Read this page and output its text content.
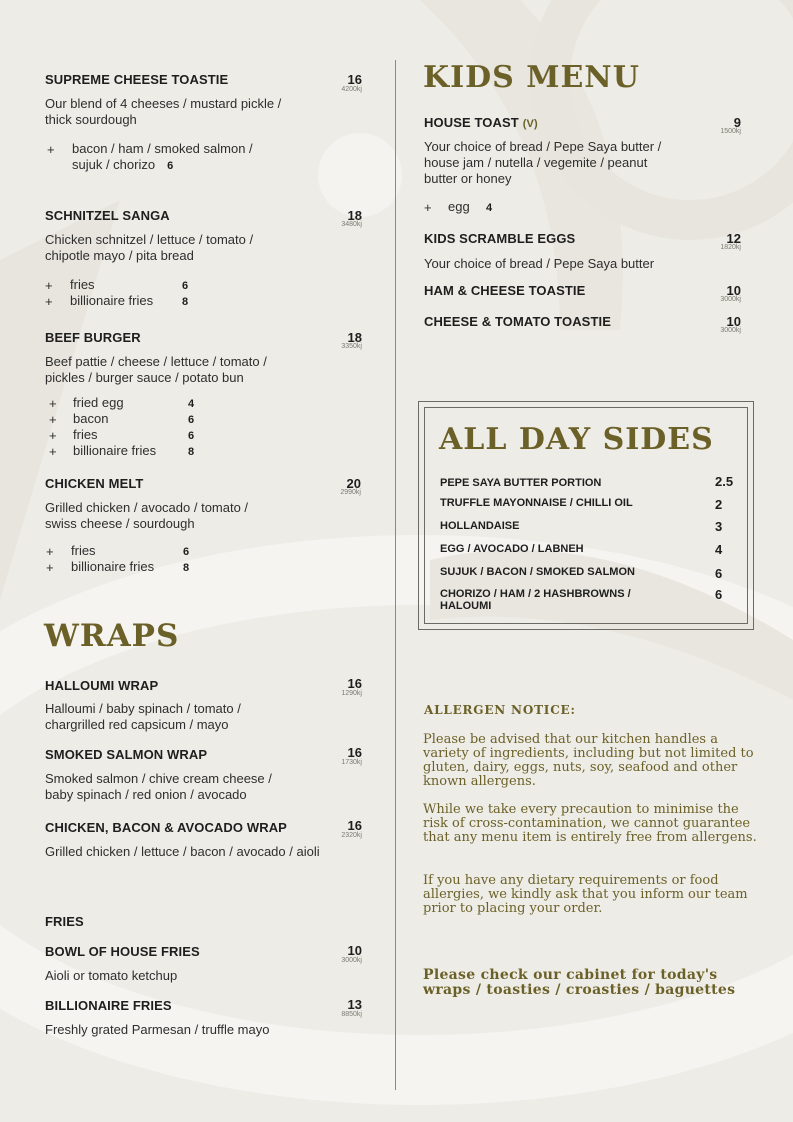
SUPREME CHEESE TOASTIE	16
4200kj
Our blend of 4 cheeses / mustard pickle /
thick sourdough
+ bacon / ham / smoked salmon /
sujuk / chorizo 6
SCHNITZEL SANGA	18
3480kj
Chicken schnitzel / lettuce / tomato /
chipotle mayo / pita bread
+ fries	6
+ billionaire fries	8
BEEF BURGER	18
3350kj
Beef pattie / cheese / lettuce / tomato /
pickles / burger sauce / potato bun
+ fried egg	4
+ bacon	6
+ fries	6
+ billionaire fries	8
CHICKEN MELT	20
2990kj
Grilled chicken / avocado / tomato /
swiss cheese / sourdough
+ fries	6
+ billionaire fries	8
WRAPS
HALLOUMI WRAP	16
1290kj
Halloumi / baby spinach / tomato /
chargrilled red capsicum / mayo
SMOKED SALMON WRAP	16
1730kj
Smoked salmon / chive cream cheese /
baby spinach / red onion / avocado
CHICKEN, BACON & AVOCADO WRAP	16
2320kj
Grilled chicken / lettuce / bacon / avocado / aioli
FRIES
BOWL OF HOUSE FRIES	10
3000kj
Aioli or tomato ketchup
BILLIONAIRE FRIES	13
8850kj
Freshly grated Parmesan / truffle mayo
KIDS MENU
HOUSE TOAST (V)	9
1500kj
Your choice of bread / Pepe Saya butter /
house jam / nutella / vegemite / peanut
butter or honey
+ egg 4
KIDS SCRAMBLE EGGS	12
1820kj
Your choice of bread / Pepe Saya butter
HAM & CHEESE TOASTIE	10
3000kj
CHEESE & TOMATO TOASTIE	10
3000kj
ALL DAY SIDES
PEPE SAYA BUTTER PORTION	2.5
TRUFFLE MAYONNAISE / CHILLI OIL	2
HOLLANDAISE	3
EGG / AVOCADO / LABNEH	4
SUJUK / BACON / SMOKED SALMON	6
CHORIZO / HAM / 2 HASHBROWNS /
HALOUMI
6
ALLERGEN NOTICE:
Please be advised that our kitchen handles a variety of ingredients, including but not limited to gluten, dairy, eggs, nuts, soy, seafood and other known allergens.
While we take every precaution to minimise the risk of cross-contamination, we cannot guarantee that any menu item is entirely free from allergens.
If you have any dietary requirements or food allergies, we kindly ask that you inform our team prior to placing your order.
Please check our cabinet for today's wraps / toasties / croasties / baguettes
